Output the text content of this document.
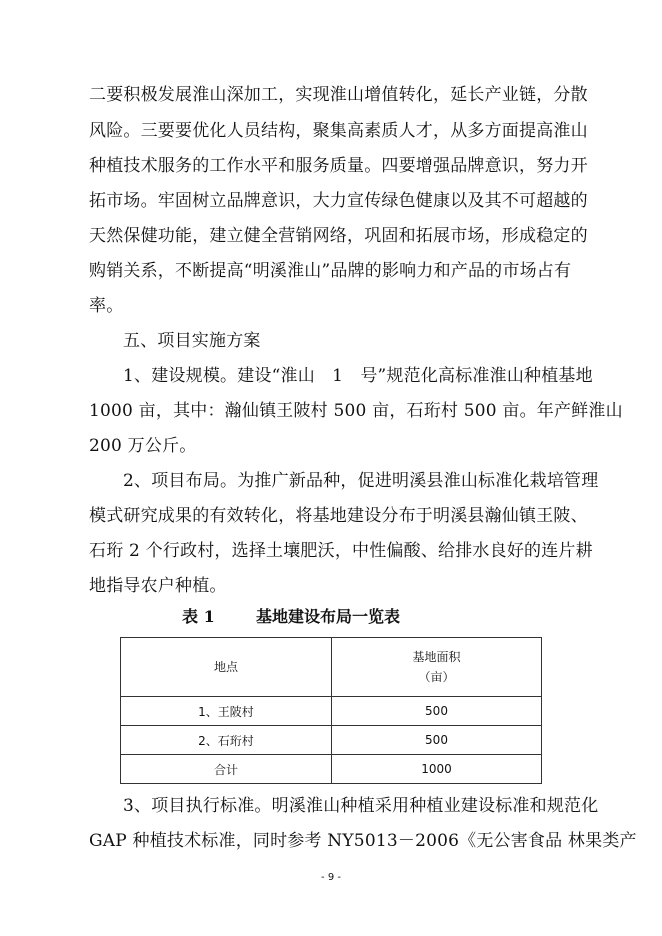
二要积极发展淮山深加工，实现淮山增值转化，延长产业链，分散
风险。三要要优化人员结构，聚集高素质人才，从多方面提高淮山
种植技术服务的工作水平和服务质量。四要增强品牌意识，努力开
拓市场。牢固树立品牌意识，大力宣传绿色健康以及其不可超越的
天然保健功能，建立健全营销网络，巩固和拓展市场，形成稳定的
购销关系，不断提高“明溪淮山”品牌的影响力和产品的市场占有
率。
五、项目实施方案
1、建设规模。建设“淮山　1　号”规范化高标准淮山种植基地
1000 亩，其中：瀚仙镇王陂村 500 亩，石珩村 500 亩。年产鲜淮山
200 万公斤。
2、项目布局。为推广新品种，促进明溪县淮山标准化栽培管理
模式研究成果的有效转化，将基地建设分布于明溪县瀚仙镇王陂、
石珩 2 个行政村，选择土壤肥沃，中性偏酸、给排水良好的连片耕
地指导农户种植。
表 1	基地建设布局一览表
地点	基地面积
（亩）

1、王陂村	500
2、石珩村	500
合计	1000
3、项目执行标准。明溪淮山种植采用种植业建设标准和规范化
GAP 种植技术标准，同时参考 NY5013－2006《无公害食品 林果类产
- 9 -
